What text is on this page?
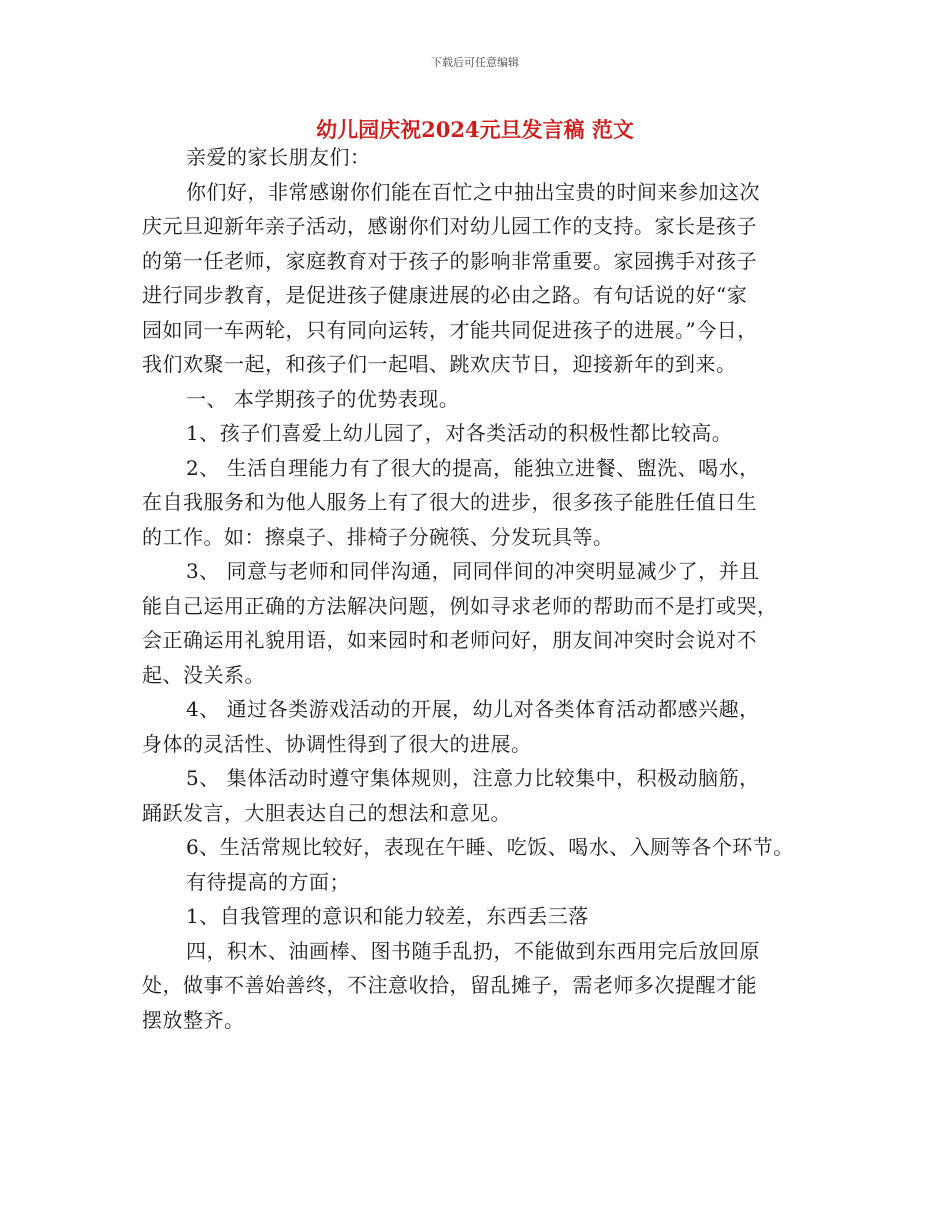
下载后可任意编辑
幼儿园庆祝2024元旦发言稿 范文
亲爱的家长朋友们：
你们好，非常感谢你们能在百忙之中抽出宝贵的时间来参加这次
庆元旦迎新年亲子活动，感谢你们对幼儿园工作的支持。家长是孩子
的第一任老师，家庭教育对于孩子的影响非常重要。家园携手对孩子
进行同步教育，是促进孩子健康进展的必由之路。有句话说的好“家
园如同一车两轮，只有同向运转，才能共同促进孩子的进展。”今日，
我们欢聚一起，和孩子们一起唱、跳欢庆节日，迎接新年的到来。
一、 本学期孩子的优势表现。
1、孩子们喜爱上幼儿园了，对各类活动的积极性都比较高。
2、 生活自理能力有了很大的提高，能独立进餐、盥洗、喝水，
在自我服务和为他人服务上有了很大的进步，很多孩子能胜任值日生
的工作。如：擦桌子、排椅子分碗筷、分发玩具等。
3、 同意与老师和同伴沟通，同同伴间的冲突明显减少了，并且
能自己运用正确的方法解决问题，例如寻求老师的帮助而不是打或哭，
会正确运用礼貌用语，如来园时和老师问好，朋友间冲突时会说对不
起、没关系。
4、 通过各类游戏活动的开展，幼儿对各类体育活动都感兴趣，
身体的灵活性、协调性得到了很大的进展。
5、 集体活动时遵守集体规则，注意力比较集中，积极动脑筋，
踊跃发言，大胆表达自己的想法和意见。
6、生活常规比较好，表现在午睡、吃饭、喝水、入厕等各个环节。
有待提高的方面；
1、自我管理的意识和能力较差，东西丢三落
四，积木、油画棒、图书随手乱扔，不能做到东西用完后放回原
处，做事不善始善终，不注意收拾，留乱摊子，需老师多次提醒才能
摆放整齐。
